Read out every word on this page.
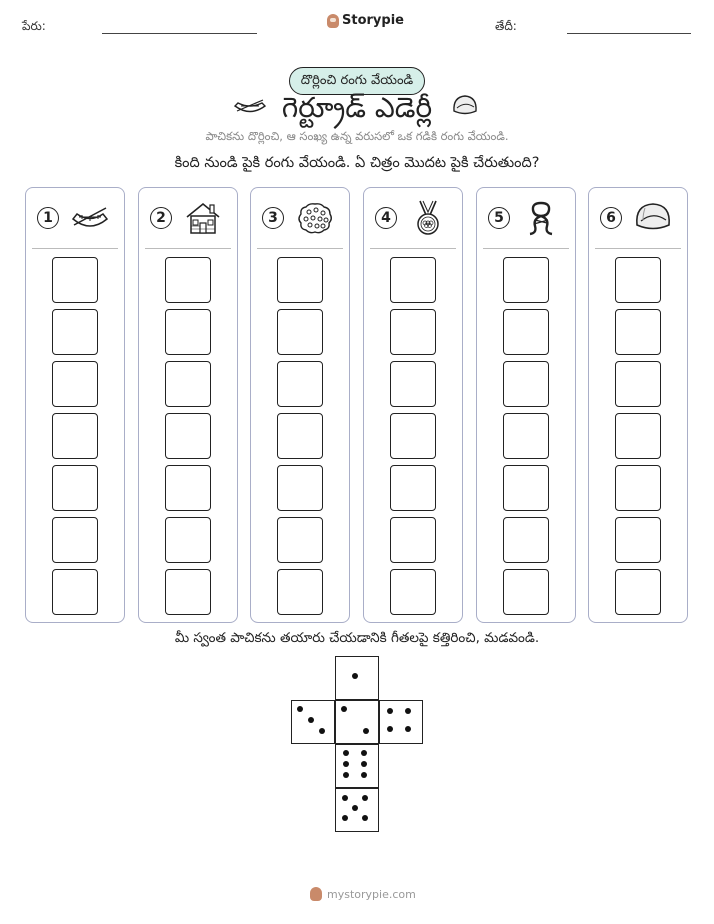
పేరు:	Storypie	తేదీ:
దొర్లించి రంగు వేయండి
గెర్ట్రూడ్ ఎడెర్లీ
పాచికను దొర్లించి, ఆ సంఖ్య ఉన్న వరుసలో ఒక గడికి రంగు వేయండి.
కింది నుండి పైకి రంగు వేయండి. ఏ చిత్రం మొదట పైకి చేరుతుంది?
1	2	3	4	5	6
మీ స్వంత పాచికను తయారు చేయడానికి గీతలపై కత్తిరించి, మడవండి.
mystorypie.com
